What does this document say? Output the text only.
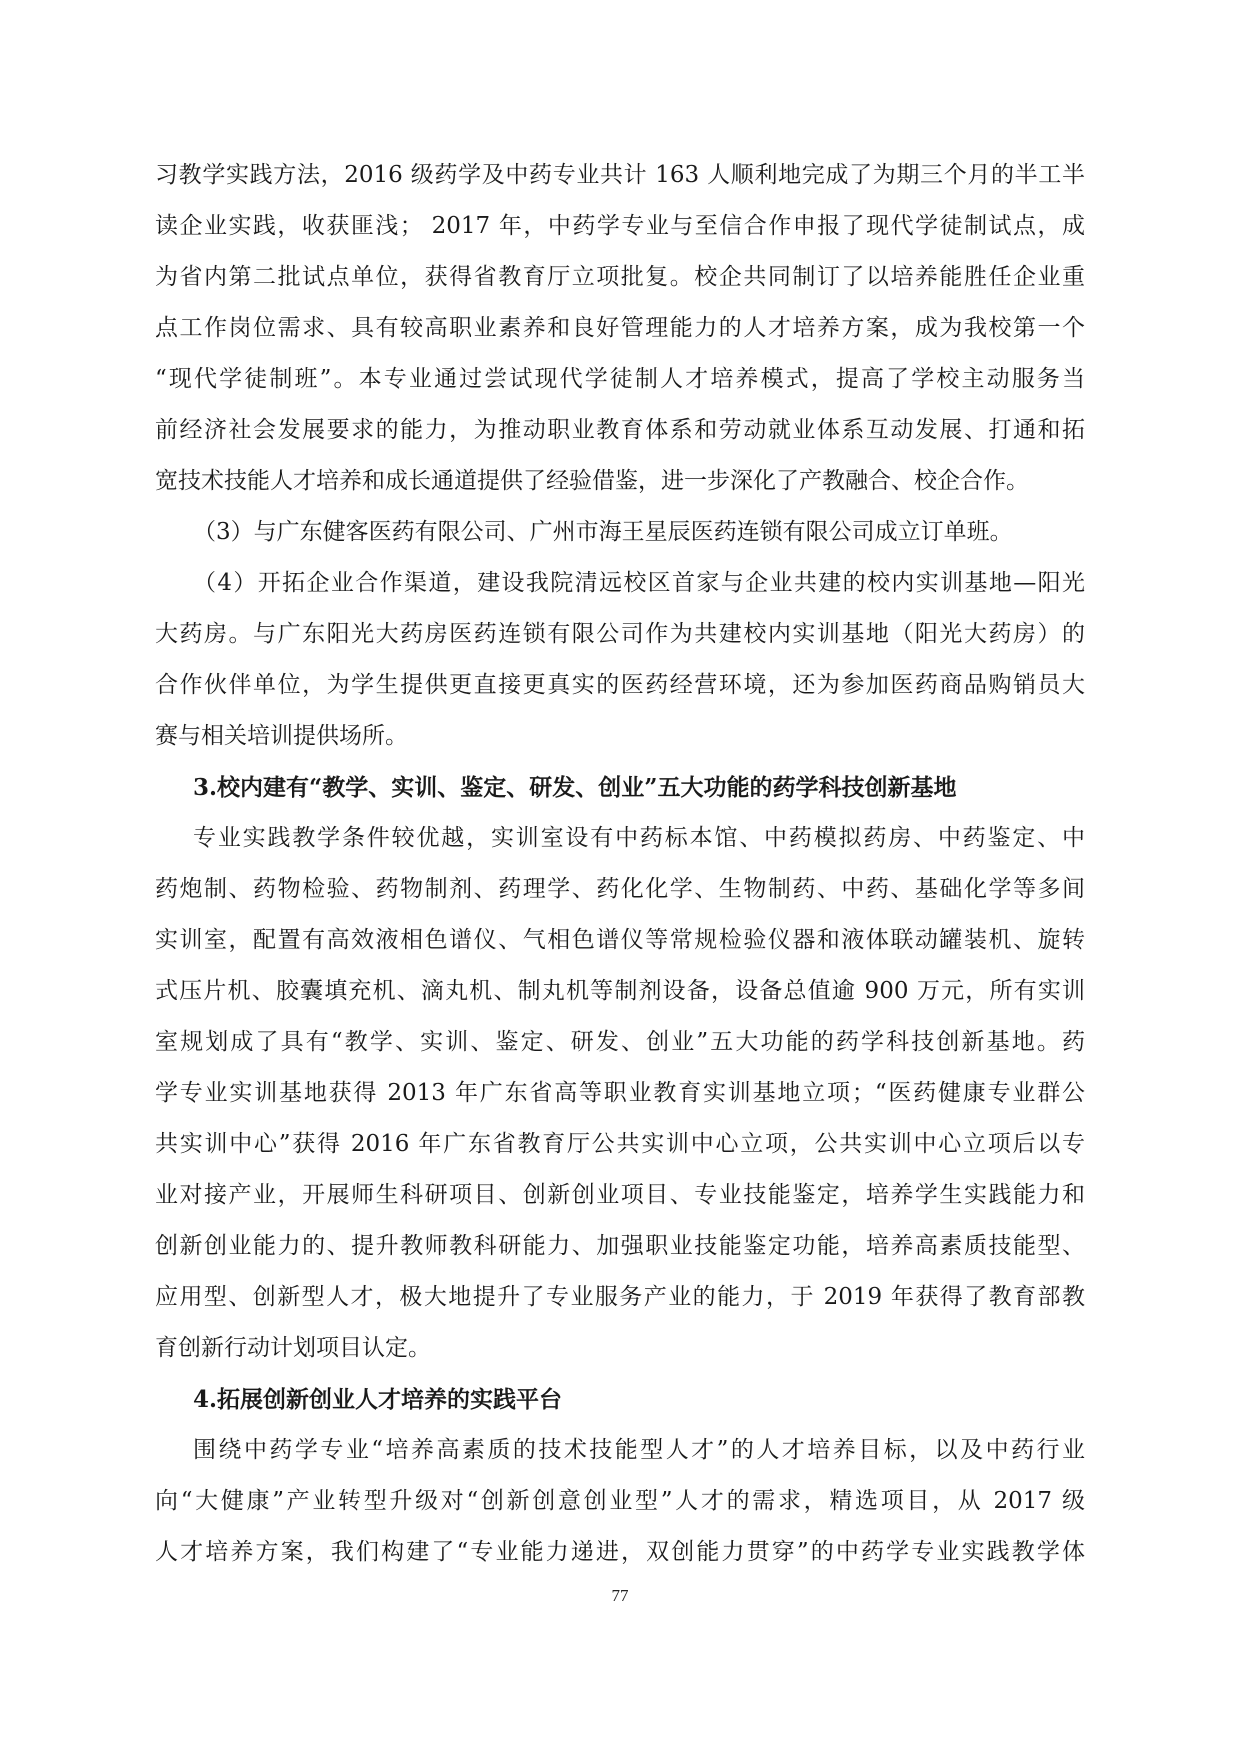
习教学实践方法，2016 级药学及中药专业共计 163 人顺利地完成了为期三个月的半工半
读企业实践，收获匪浅； 2017 年，中药学专业与至信合作申报了现代学徒制试点，成
为省内第二批试点单位，获得省教育厅立项批复。校企共同制订了以培养能胜任企业重
点工作岗位需求、具有较高职业素养和良好管理能力的人才培养方案，成为我校第一个
“现代学徒制班”。本专业通过尝试现代学徒制人才培养模式，提高了学校主动服务当
前经济社会发展要求的能力，为推动职业教育体系和劳动就业体系互动发展、打通和拓
宽技术技能人才培养和成长通道提供了经验借鉴，进一步深化了产教融合、校企合作。
（3）与广东健客医药有限公司、广州市海王星辰医药连锁有限公司成立订单班。
（4）开拓企业合作渠道，建设我院清远校区首家与企业共建的校内实训基地—阳光
大药房。与广东阳光大药房医药连锁有限公司作为共建校内实训基地（阳光大药房）的
合作伙伴单位，为学生提供更直接更真实的医药经营环境，还为参加医药商品购销员大
赛与相关培训提供场所。
3.校内建有“教学、实训、鉴定、研发、创业”五大功能的药学科技创新基地
专业实践教学条件较优越，实训室设有中药标本馆、中药模拟药房、中药鉴定、中
药炮制、药物检验、药物制剂、药理学、药化化学、生物制药、中药、基础化学等多间
实训室，配置有高效液相色谱仪、气相色谱仪等常规检验仪器和液体联动罐装机、旋转
式压片机、胶囊填充机、滴丸机、制丸机等制剂设备，设备总值逾 900 万元，所有实训
室规划成了具有“教学、实训、鉴定、研发、创业”五大功能的药学科技创新基地。药
学专业实训基地获得 2013 年广东省高等职业教育实训基地立项；“医药健康专业群公
共实训中心”获得 2016 年广东省教育厅公共实训中心立项，公共实训中心立项后以专
业对接产业，开展师生科研项目、创新创业项目、专业技能鉴定，培养学生实践能力和
创新创业能力的、提升教师教科研能力、加强职业技能鉴定功能，培养高素质技能型、
应用型、创新型人才，极大地提升了专业服务产业的能力，于 2019 年获得了教育部教
育创新行动计划项目认定。
4.拓展创新创业人才培养的实践平台
围绕中药学专业“培养高素质的技术技能型人才”的人才培养目标，以及中药行业
向“大健康”产业转型升级对“创新创意创业型”人才的需求，精选项目，从 2017 级
人才培养方案，我们构建了“专业能力递进，双创能力贯穿”的中药学专业实践教学体
77
